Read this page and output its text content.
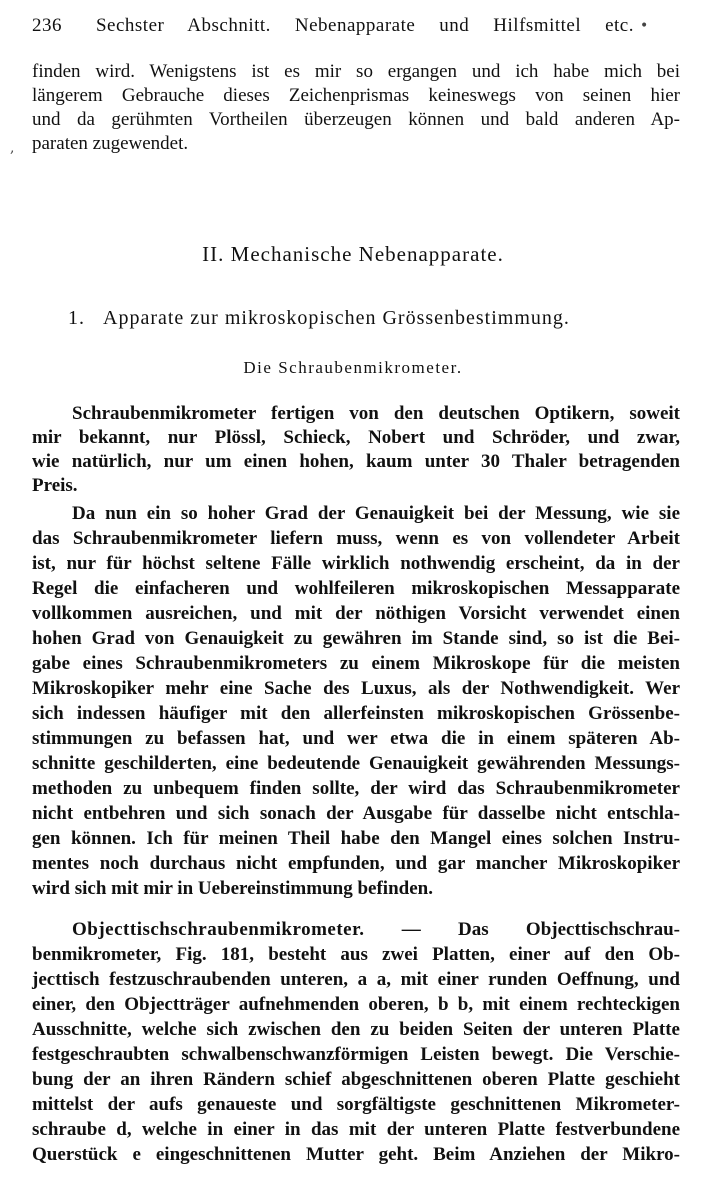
236 Sechster Abschnitt. Nebenapparate und Hilfsmittel etc.
finden wird. Wenigstens ist es mir so ergangen und ich habe mich bei
längerem Gebrauche dieses Zeichenprismas keineswegs von seinen hier
und da gerühmten Vortheilen überzeugen können und bald anderen Ap-
paraten zugewendet.
II. Mechanische Nebenapparate.
1. Apparate zur mikroskopischen Grössenbestimmung.
Die Schraubenmikrometer.
Schraubenmikrometer fertigen von den deutschen Optikern, soweit
mir bekannt, nur Plössl, Schieck, Nobert und Schröder, und zwar,
wie natürlich, nur um einen hohen, kaum unter 30 Thaler betragenden
Preis.
Da nun ein so hoher Grad der Genauigkeit bei der Messung, wie sie
das Schraubenmikrometer liefern muss, wenn es von vollendeter Arbeit
ist, nur für höchst seltene Fälle wirklich nothwendig erscheint, da in der
Regel die einfacheren und wohlfeileren mikroskopischen Messapparate
vollkommen ausreichen, und mit der nöthigen Vorsicht verwendet einen
hohen Grad von Genauigkeit zu gewähren im Stande sind, so ist die Bei-
gabe eines Schraubenmikrometers zu einem Mikroskope für die meisten
Mikroskopiker mehr eine Sache des Luxus, als der Nothwendigkeit. Wer
sich indessen häufiger mit den allerfeinsten mikroskopischen Grössenbe-
stimmungen zu befassen hat, und wer etwa die in einem späteren Ab-
schnitte geschilderten, eine bedeutende Genauigkeit gewährenden Messungs-
methoden zu unbequem finden sollte, der wird das Schraubenmikrometer
nicht entbehren und sich sonach der Ausgabe für dasselbe nicht entschla-
gen können. Ich für meinen Theil habe den Mangel eines solchen Instru-
mentes noch durchaus nicht empfunden, und gar mancher Mikroskopiker
wird sich mit mir in Uebereinstimmung befinden.
Objecttischschraubenmikrometer. — Das Objecttischschrau-
benmikrometer, Fig. 181, besteht aus zwei Platten, einer auf den Ob-
jecttisch festzuschraubenden unteren, a a, mit einer runden Oeffnung, und
einer, den Objectträger aufnehmenden oberen, b b, mit einem rechteckigen
Ausschnitte, welche sich zwischen den zu beiden Seiten der unteren Platte
festgeschraubten schwalbenschwanzförmigen Leisten bewegt. Die Verschie-
bung der an ihren Rändern schief abgeschnittenen oberen Platte geschieht
mittelst der aufs genaueste und sorgfältigste geschnittenen Mikrometer-
schraube d, welche in einer in das mit der unteren Platte festverbundene
Querstück e eingeschnittenen Mutter geht. Beim Anziehen der Mikro-
,
•
